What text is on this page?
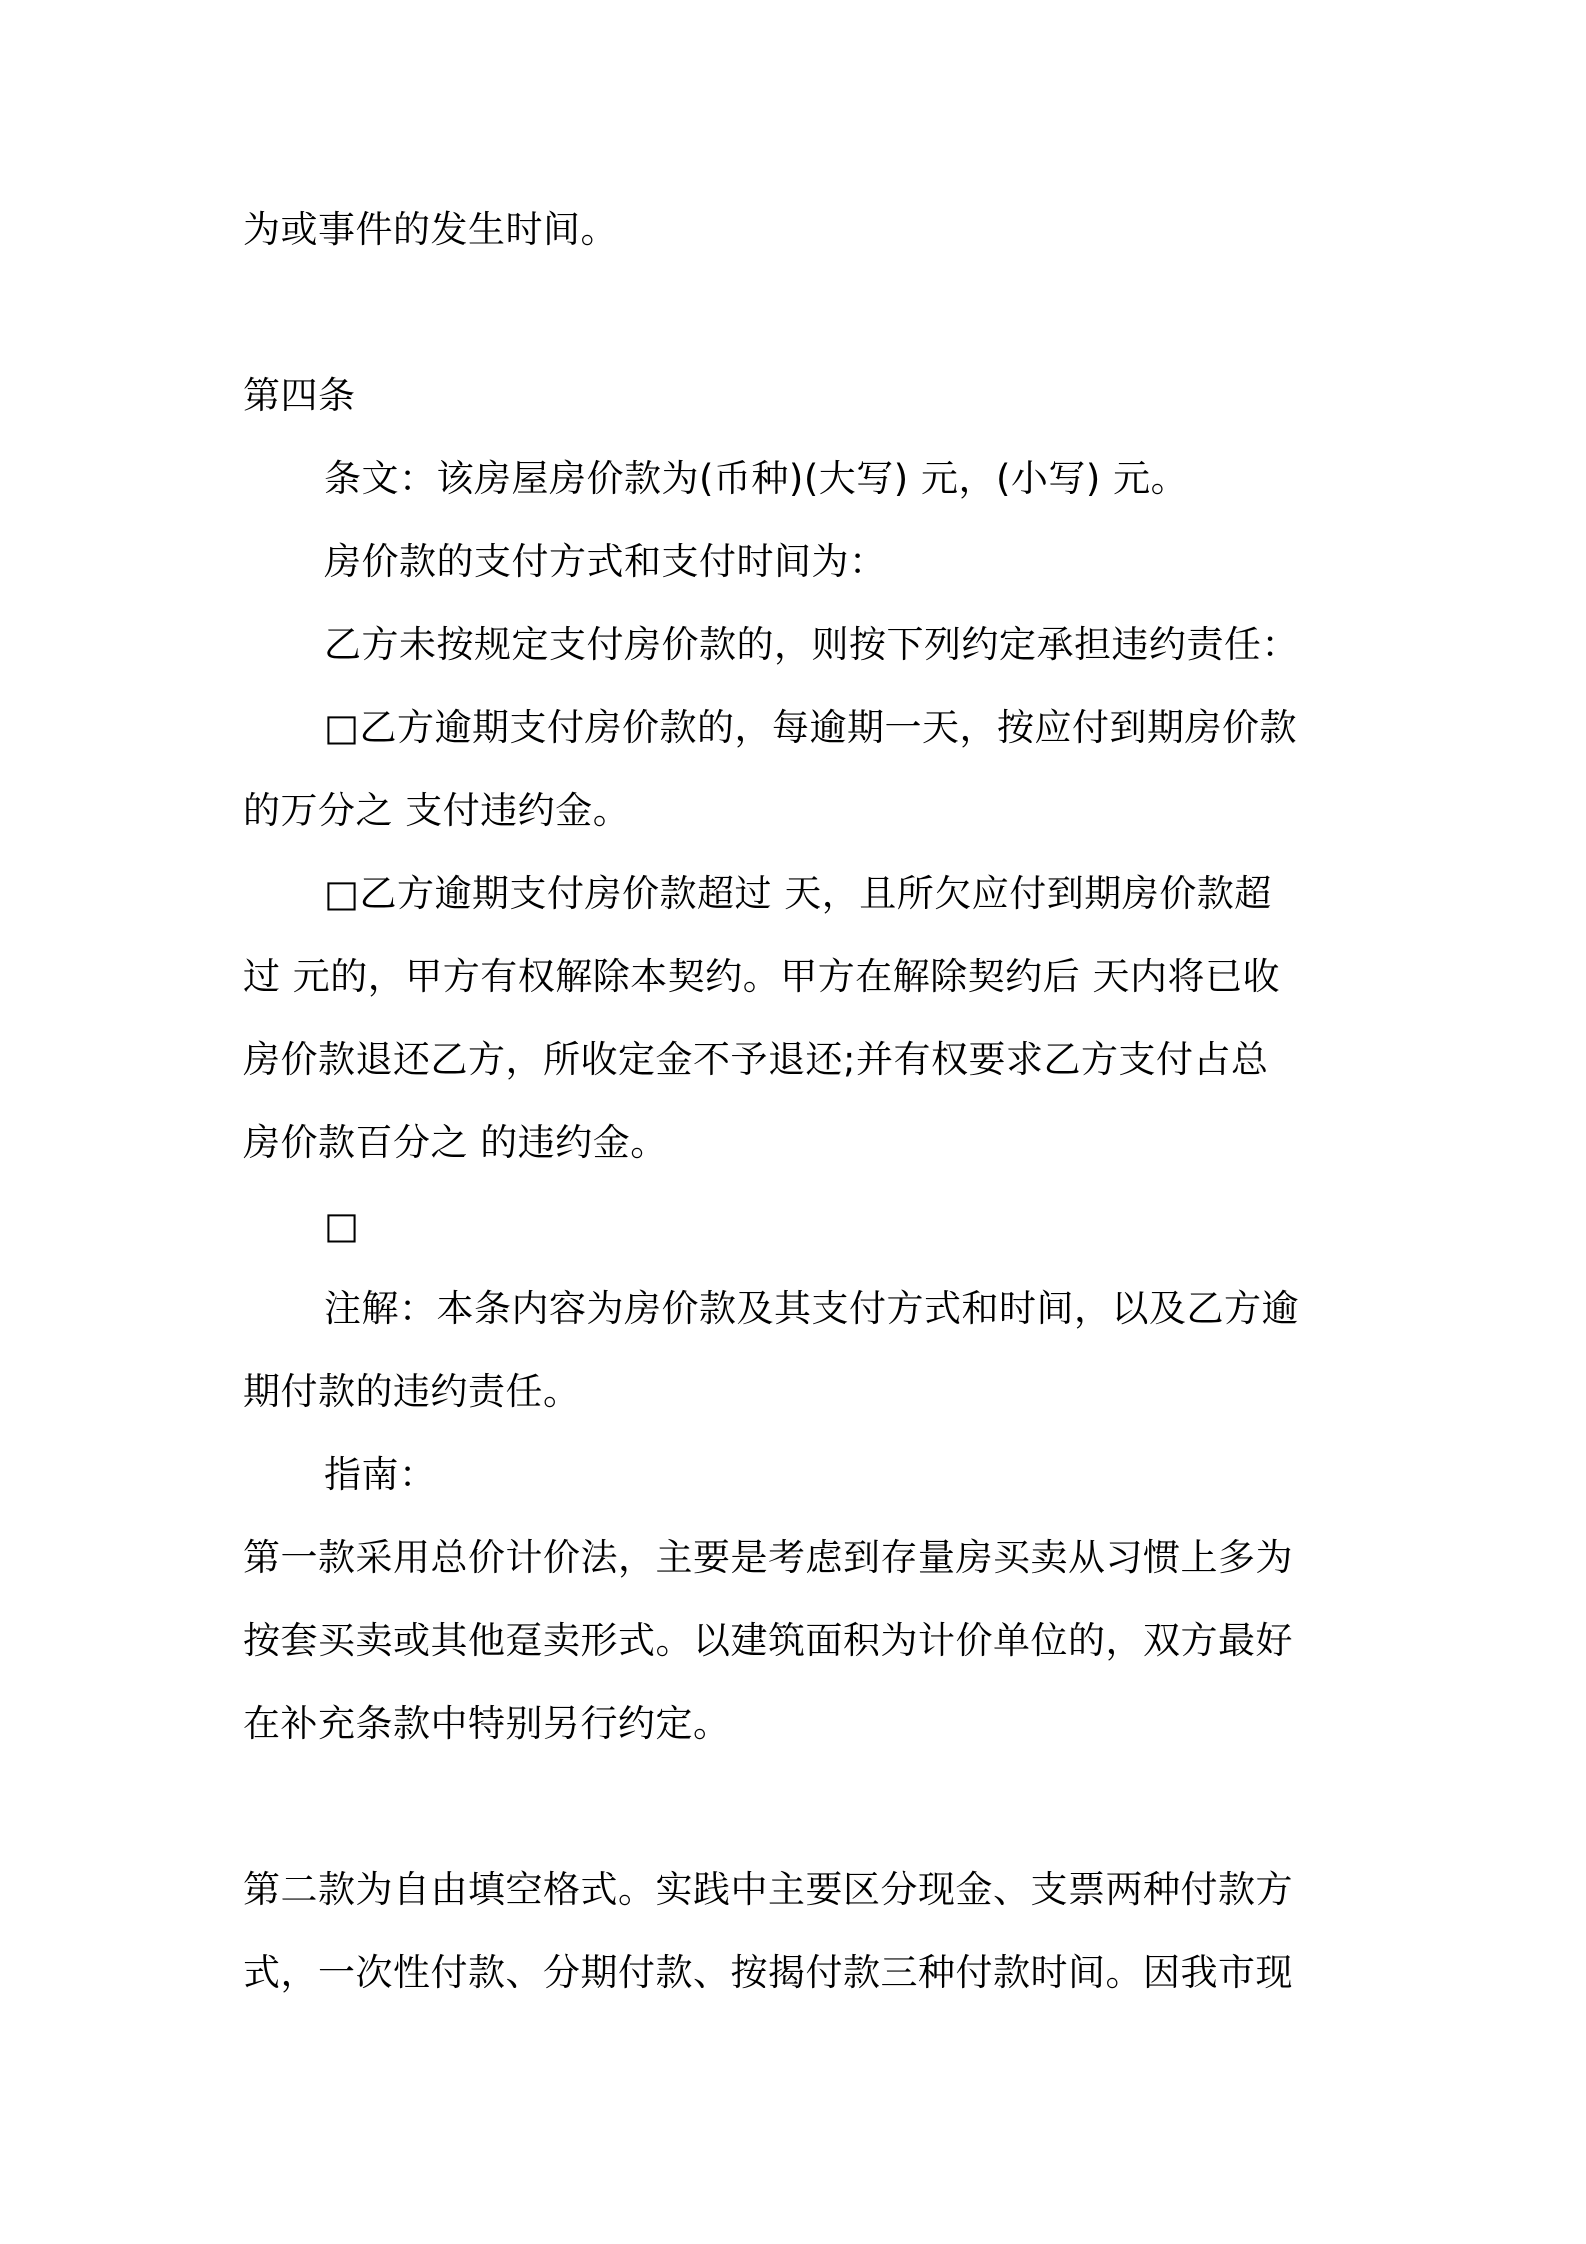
为或事件的发生时间。

第四条

条文：该房屋房价款为(币种)(大写) 元，(小写) 元。

房价款的支付方式和支付时间为：

乙方未按规定支付房价款的，则按下列约定承担违约责任：

□乙方逾期支付房价款的，每逾期一天，按应付到期房价款

的万分之 支付违约金。

□乙方逾期支付房价款超过 天，且所欠应付到期房价款超

过 元的，甲方有权解除本契约。甲方在解除契约后 天内将已收

房价款退还乙方，所收定金不予退还;并有权要求乙方支付占总

房价款百分之 的违约金。

□

注解：本条内容为房价款及其支付方式和时间，以及乙方逾

期付款的违约责任。

指南：

第一款采用总价计价法，主要是考虑到存量房买卖从习惯上多为

按套买卖或其他趸卖形式。以建筑面积为计价单位的，双方最好

在补充条款中特别另行约定。

第二款为自由填空格式。实践中主要区分现金、支票两种付款方

式，一次性付款、分期付款、按揭付款三种付款时间。因我市现
